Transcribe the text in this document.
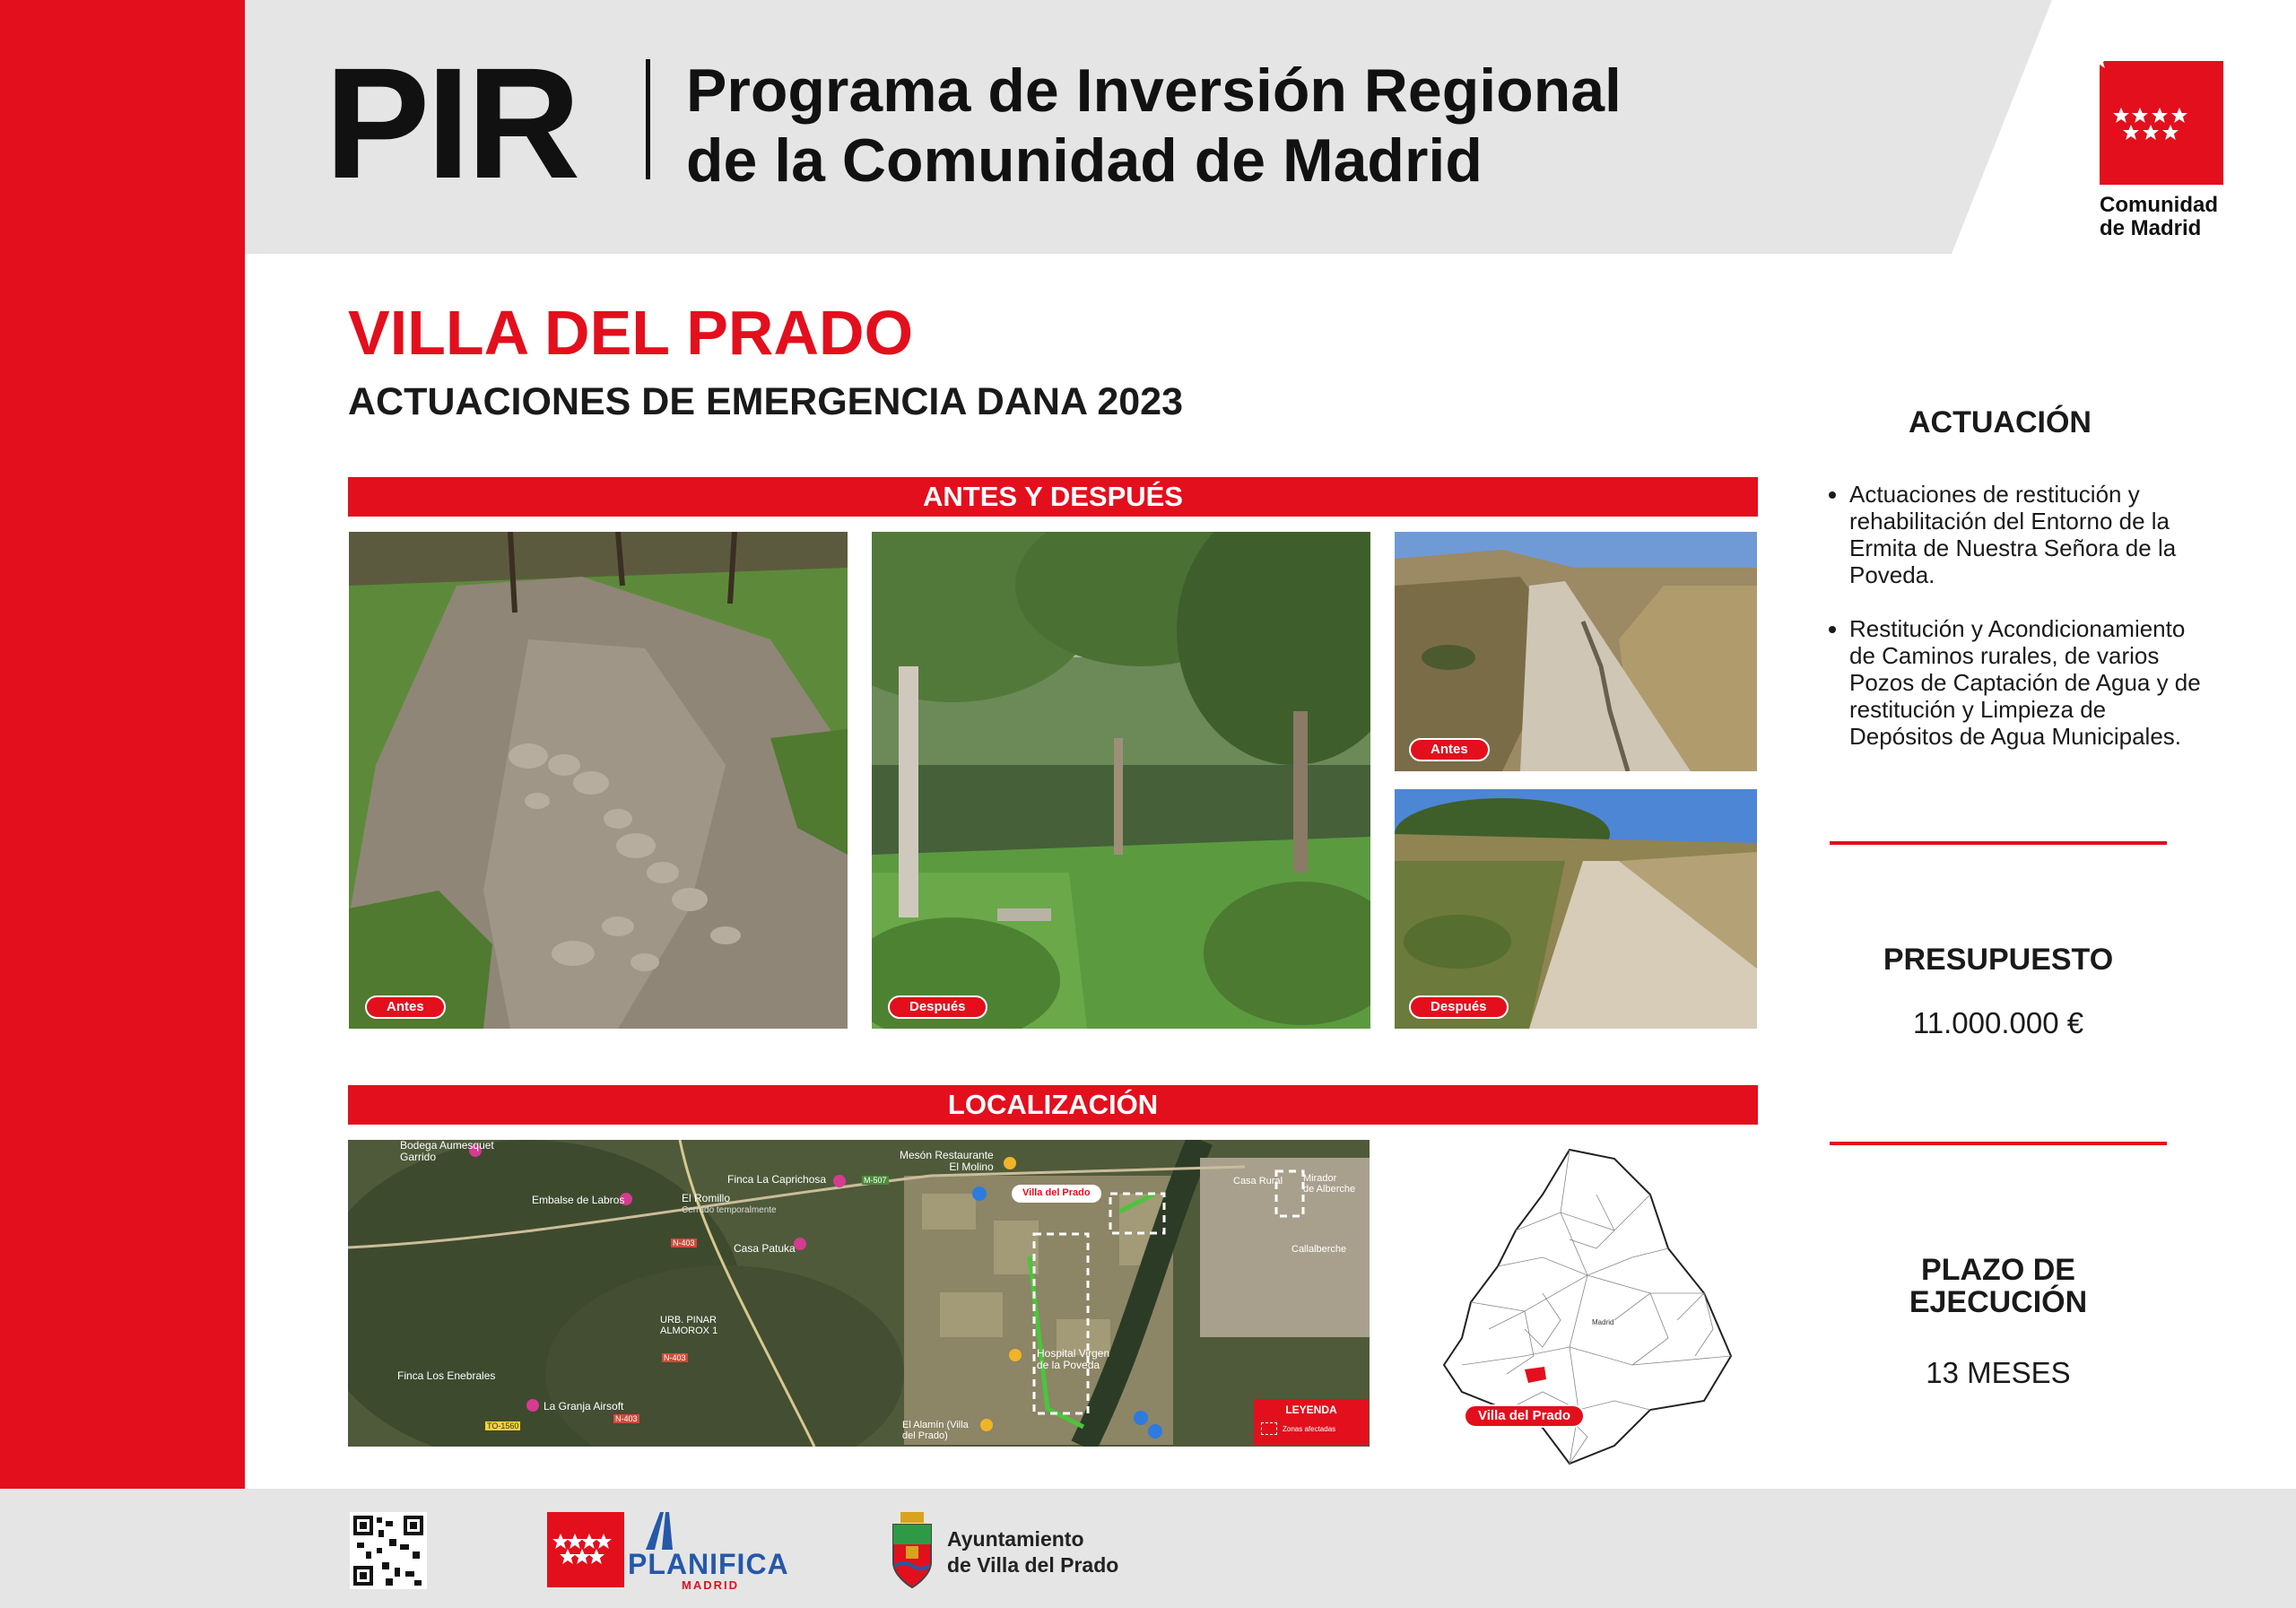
PIR Programa de Inversión Regional
de la Comunidad de Madrid
Comunidad
de Madrid
VILLA DEL PRADO
ACTUACIONES DE EMERGENCIA DANA 2023
ANTES Y DESPUÉS
Antes	Después
Antes
Después
LOCALIZACIÓN
Bodega Aumesquet
Garrido
Embalse de Labros	El Romillo
Cerrado temporalmente
Finca La Caprichosa
Mesón Restaurante
El Molino
Villa del Prado
Casa Rural Mirador
de Alberche
Callalberche
Casa Patuka
URB. PINAR
ALMOROX 1
Finca Los Enebrales
La Granja Airsoft
Hospital Virgen
de la Poveda
El Alamín (Villa
del Prado)
M-507
N-403
N-403
N-403
TO-1560
LEYENDA
Zonas afectadas
Madrid
Villa del Prado
ACTUACIÓN
• Actuaciones de restitución y rehabilitación del Entorno de la Ermita de Nuestra Señora de la Poveda.
• Restitución y Acondicionamiento de Caminos rurales, de varios Pozos de Captación de Agua y de restitución y Limpieza de Depósitos de Agua Municipales.
PRESUPUESTO
11.000.000 €
PLAZO DE
EJECUCIÓN
13 MESES
PLANIFICA
MADRID
Ayuntamiento
de Villa del Prado
